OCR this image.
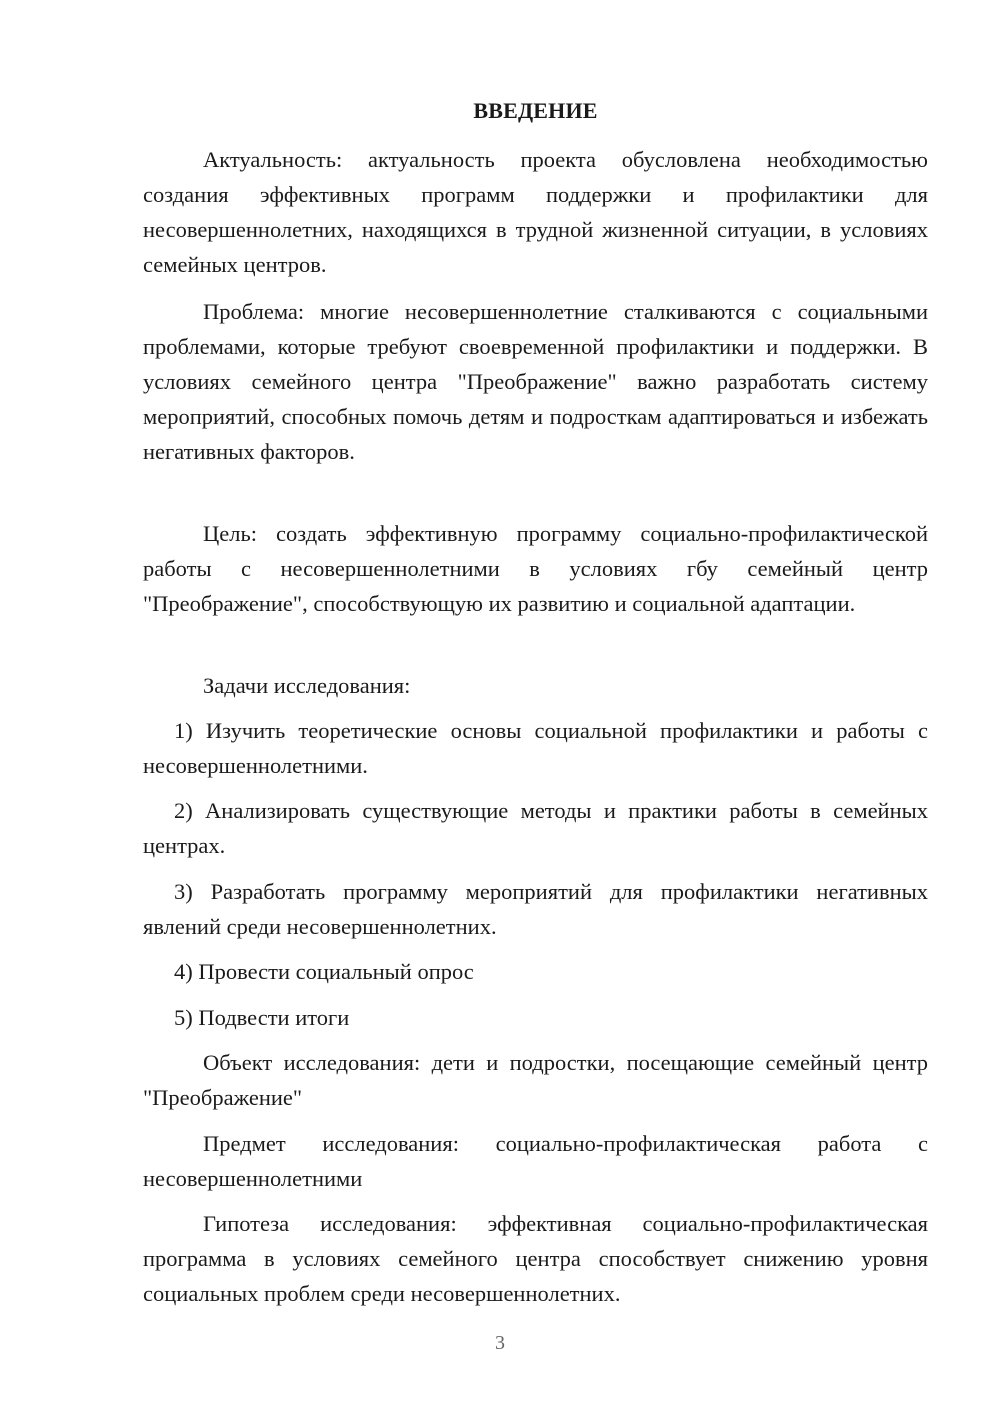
ВВЕДЕНИЕ
Актуальность: актуальность проекта обусловлена необходимостью создания эффективных программ поддержки и профилактики для несовершеннолетних, находящихся в трудной жизненной ситуации, в условиях семейных центров.
Проблема: многие несовершеннолетние сталкиваются с социальными проблемами, которые требуют своевременной профилактики и поддержки. В условиях семейного центра "Преображение" важно разработать систему мероприятий, способных помочь детям и подросткам адаптироваться и избежать негативных факторов.
Цель: создать эффективную программу социально-профилактической работы с несовершеннолетними в условиях гбу семейный центр "Преображение", способствующую их развитию и социальной адаптации.
Задачи исследования:
1) Изучить теоретические основы социальной профилактики и работы с несовершеннолетними.
2) Анализировать существующие методы и практики работы в семейных центрах.
3) Разработать программу мероприятий для профилактики негативных явлений среди несовершеннолетних.
4) Провести социальный опрос
5) Подвести итоги
Объект исследования: дети и подростки, посещающие семейный центр "Преображение"
Предмет исследования: социально-профилактическая работа с несовершеннолетними
Гипотеза исследования: эффективная социально-профилактическая программа в условиях семейного центра способствует снижению уровня социальных проблем среди несовершеннолетних.
3
